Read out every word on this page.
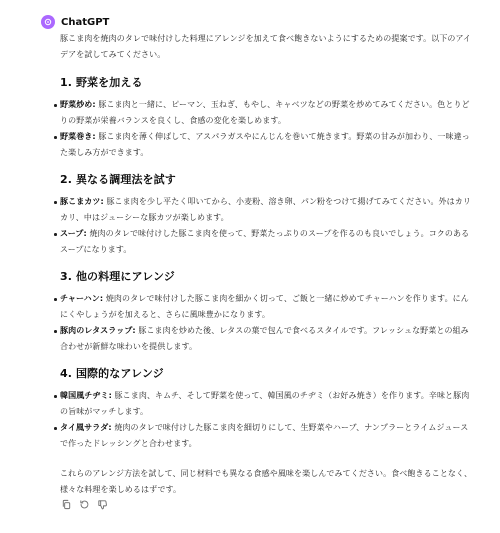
ChatGPT

豚こま肉を焼肉のタレで味付けした料理にアレンジを加えて食べ飽きないようにするための提案です。以下のアイデアを試してみてください。

1. 野菜を加える
野菜炒め: 豚こま肉と一緒に、ピーマン、玉ねぎ、もやし、キャベツなどの野菜を炒めてみてください。色とりどりの野菜が栄養バランスを良くし、食感の変化を楽しめます。
野菜巻き: 豚こま肉を薄く伸ばして、アスパラガスやにんじんを巻いて焼きます。野菜の甘みが加わり、一味違った楽しみ方ができます。
2. 異なる調理法を試す
豚こまカツ: 豚こま肉を少し平たく叩いてから、小麦粉、溶き卵、パン粉をつけて揚げてみてください。外はカリカリ、中はジューシーな豚カツが楽しめます。
スープ: 焼肉のタレで味付けした豚こま肉を使って、野菜たっぷりのスープを作るのも良いでしょう。コクのあるスープになります。
3. 他の料理にアレンジ
チャーハン: 焼肉のタレで味付けした豚こま肉を細かく切って、ご飯と一緒に炒めてチャーハンを作ります。にんにくやしょうがを加えると、さらに風味豊かになります。
豚肉のレタスラップ: 豚こま肉を炒めた後、レタスの葉で包んで食べるスタイルです。フレッシュな野菜との組み合わせが新鮮な味わいを提供します。
4. 国際的なアレンジ
韓国風チヂミ: 豚こま肉、キムチ、そして野菜を使って、韓国風のチヂミ（お好み焼き）を作ります。辛味と豚肉の旨味がマッチします。
タイ風サラダ: 焼肉のタレで味付けした豚こま肉を細切りにして、生野菜やハーブ、ナンプラーとライムジュースで作ったドレッシングと合わせます。

これらのアレンジ方法を試して、同じ材料でも異なる食感や風味を楽しんでみてください。食べ飽きることなく、様々な料理を楽しめるはずです。
